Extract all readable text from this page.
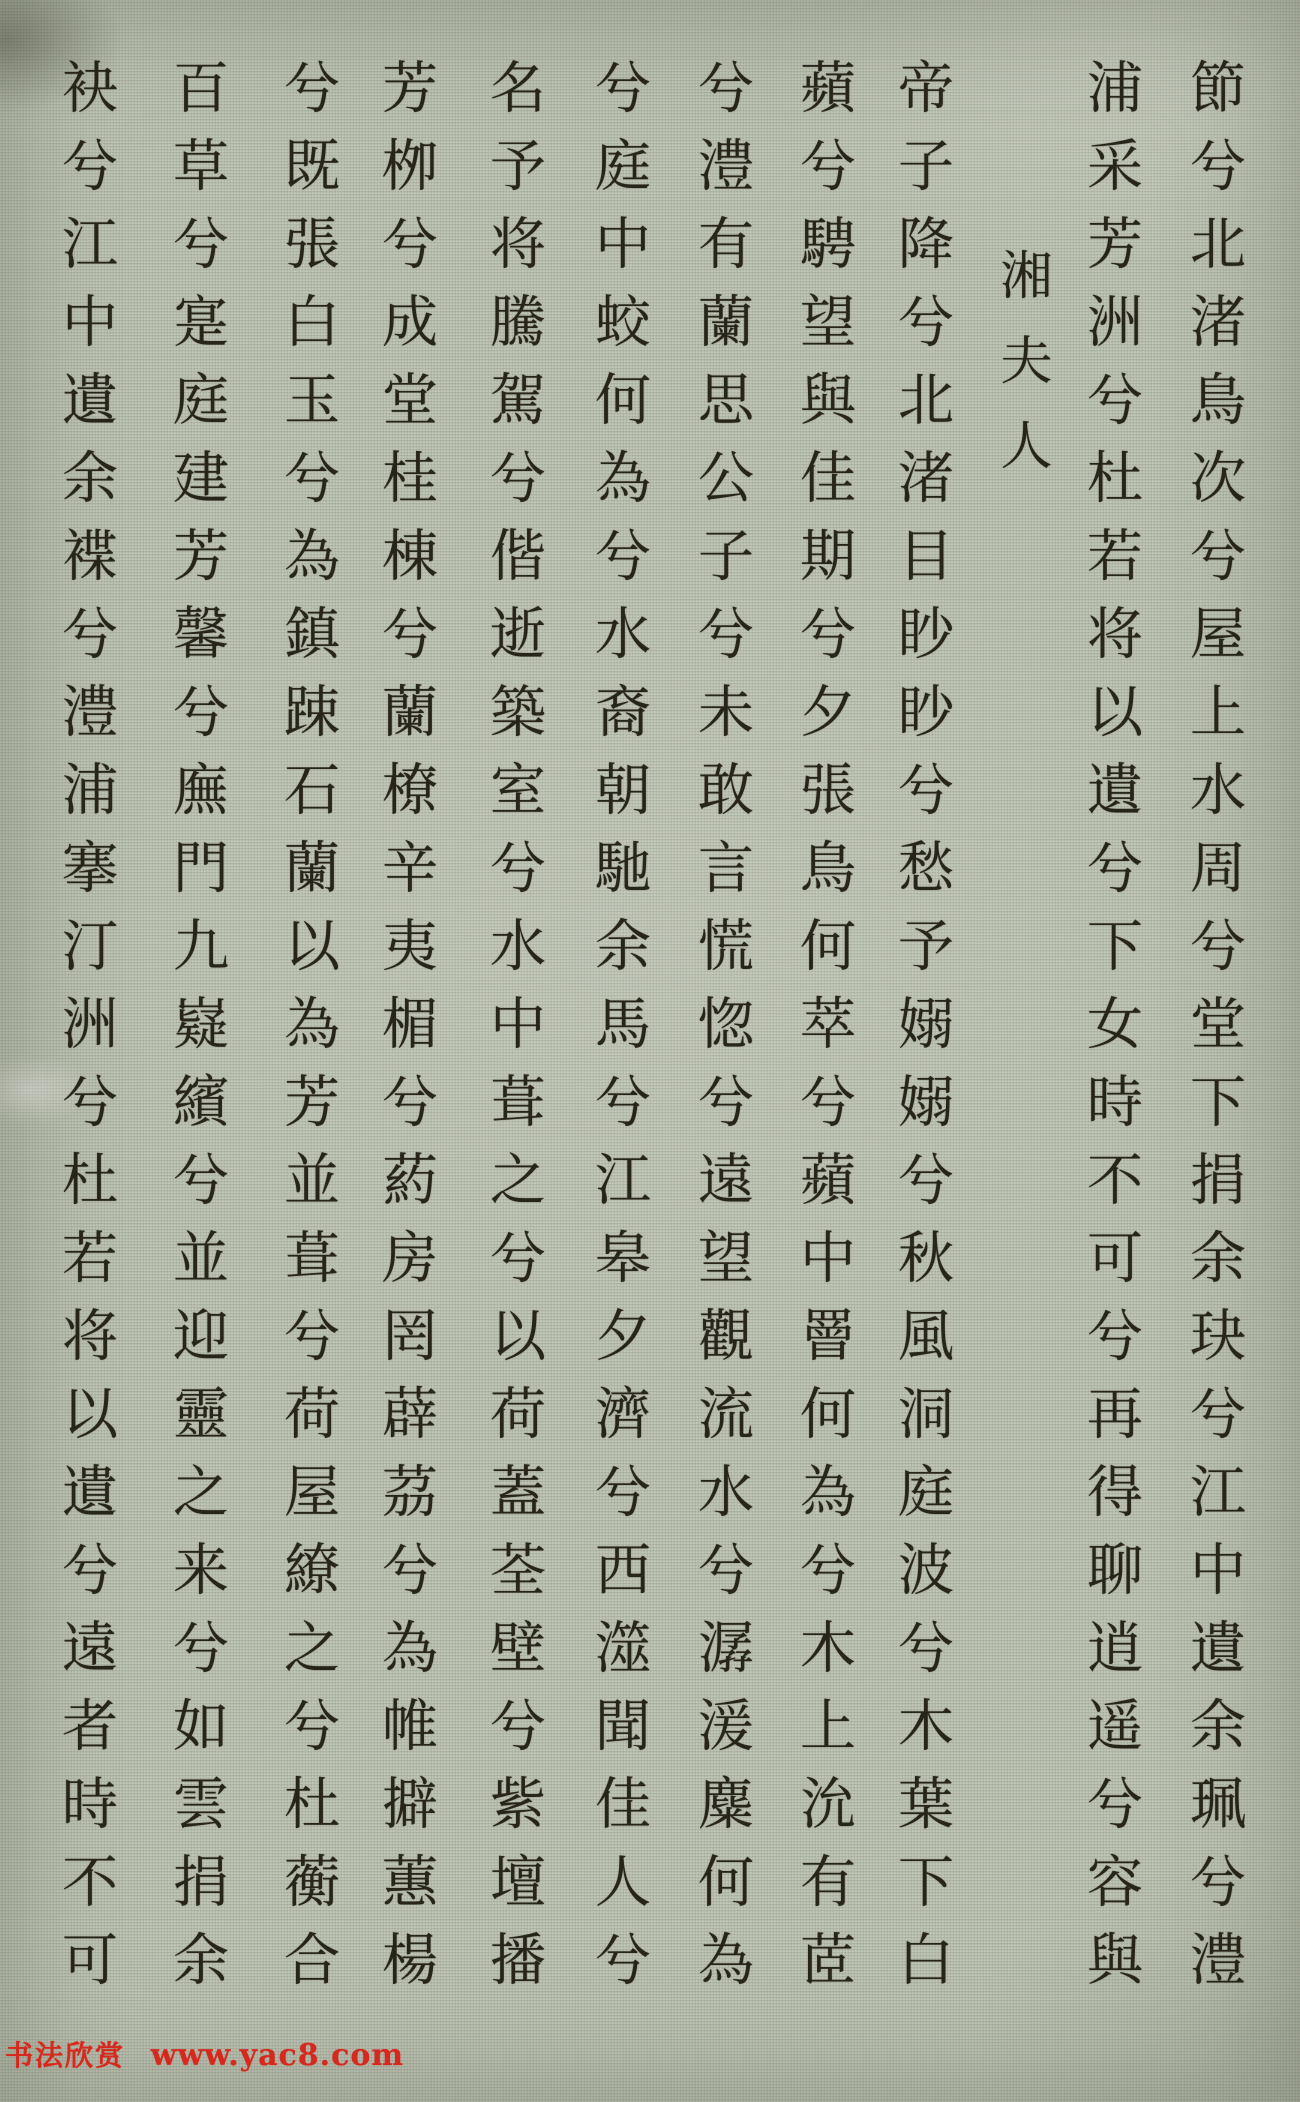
節兮北渚鳥次兮屋上水周兮堂下捐余玦兮江中遺余珮兮澧
浦采芳洲兮杜若将以遺兮下女時不可兮再得聊逍遥兮容與
湘夫人
帝子降兮北渚目眇眇兮愁予嫋嫋兮秋風洞庭波兮木葉下白
蘋兮騁望與佳期兮夕張鳥何萃兮蘋中罾何為兮木上沇有茝
兮澧有蘭思公子兮未敢言慌惚兮遠望觀流水兮潺湲麋何為
兮庭中蛟何為兮水裔朝馳余馬兮江皋夕濟兮西澨聞佳人兮
名予将騰駕兮偕逝築室兮水中葺之兮以荷蓋荃壁兮紫壇播
芳栁兮成堂桂棟兮蘭橑辛夷楣兮葯房罔薜茘兮為帷擗蕙楊
兮既張白玉兮為鎮踈石蘭以為芳並葺兮荷屋繚之兮杜蘅合
百草兮寔庭建芳馨兮廡門九嶷繽兮並迎靈之来兮如雲捐余
袂兮江中遺余褋兮澧浦搴汀洲兮杜若将以遺兮遠者時不可
书法欣赏 www.yac8.com
